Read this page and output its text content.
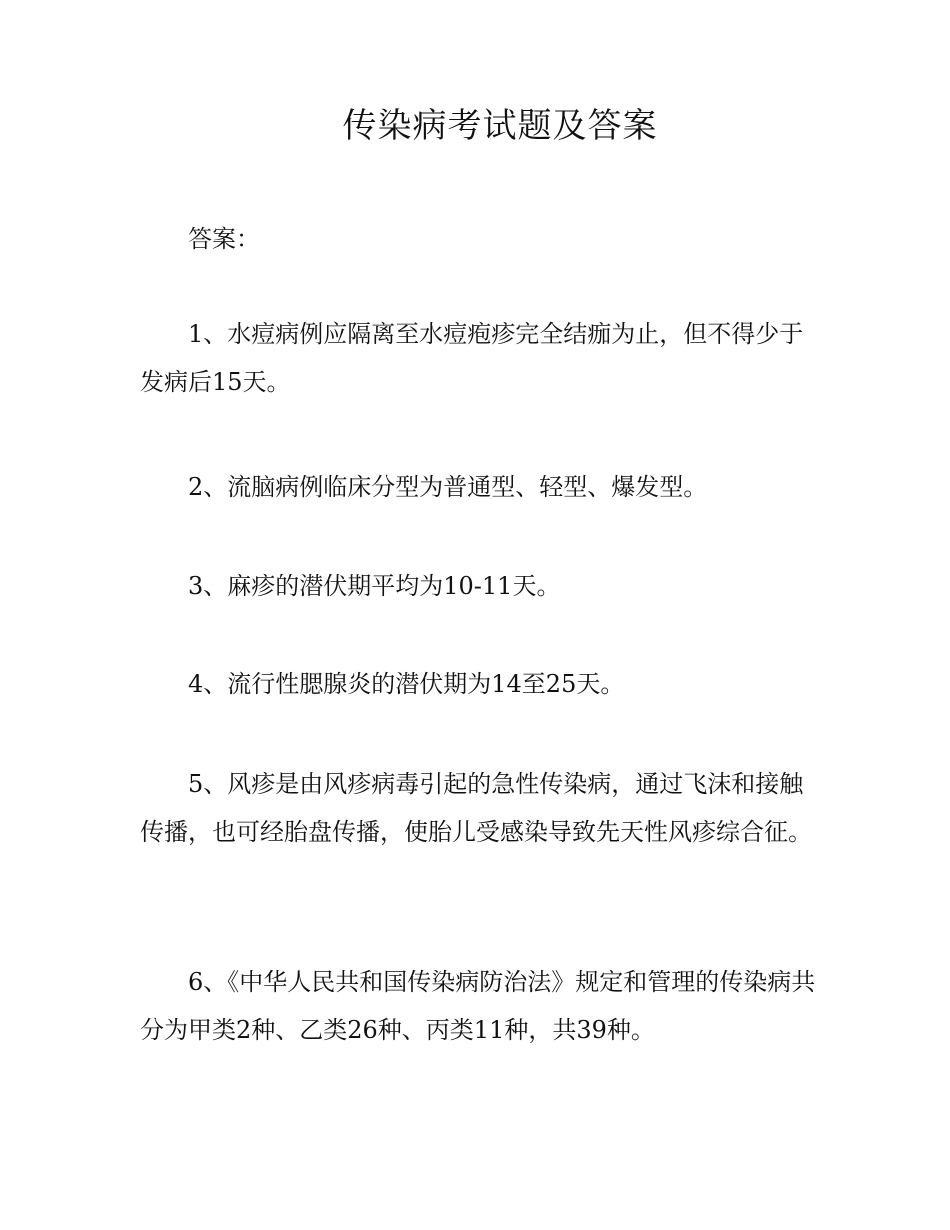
传染病考试题及答案

答案：

1、水痘病例应隔离至水痘疱疹完全结痂为止，但不得少于发病后15天。

2、流脑病例临床分型为普通型、轻型、爆发型。

3、麻疹的潜伏期平均为10-11天。

4、流行性腮腺炎的潜伏期为14至25天。

5、风疹是由风疹病毒引起的急性传染病，通过飞沫和接触传播，也可经胎盘传播，使胎儿受感染导致先天性风疹综合征。

6、《中华人民共和国传染病防治法》规定和管理的传染病共分为甲类2种、乙类26种、丙类11种，共39种。
